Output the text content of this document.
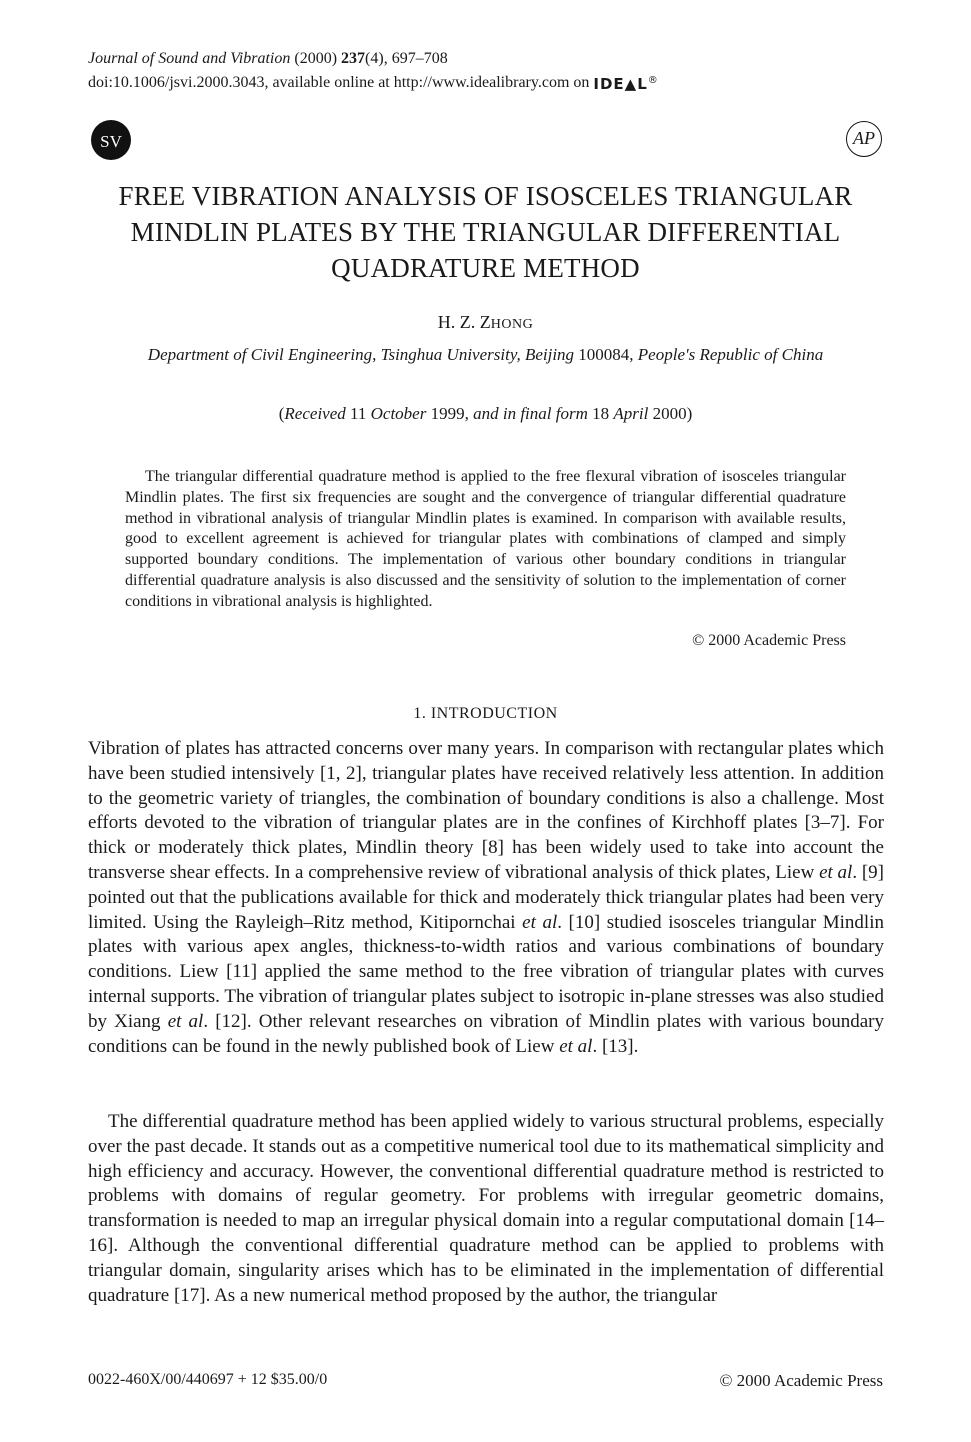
Journal of Sound and Vibration (2000) 237(4), 697–708
doi:10.1006/jsvi.2000.3043, available online at http://www.idealibrary.com on IDE▲L®
SV	AP
FREE VIBRATION ANALYSIS OF ISOSCELES TRIANGULAR
MINDLIN PLATES BY THE TRIANGULAR DIFFERENTIAL
QUADRATURE METHOD
H. Z. ZHONG
Department of Civil Engineering, Tsinghua University, Beijing 100084, People's Republic of China
(Received 11 October 1999, and in final form 18 April 2000)
The triangular differential quadrature method is applied to the free flexural vibration of isosceles triangular Mindlin plates. The first six frequencies are sought and the convergence of triangular differential quadrature method in vibrational analysis of triangular Mindlin plates is examined. In comparison with available results, good to excellent agreement is achieved for triangular plates with combinations of clamped and simply supported boundary conditions. The implementation of various other boundary conditions in triangular differential quadrature analysis is also discussed and the sensitivity of solution to the implementation of corner conditions in vibrational analysis is highlighted.
© 2000 Academic Press
1. INTRODUCTION
Vibration of plates has attracted concerns over many years. In comparison with rectangular plates which have been studied intensively [1, 2], triangular plates have received relatively less attention. In addition to the geometric variety of triangles, the combination of boundary conditions is also a challenge. Most efforts devoted to the vibration of triangular plates are in the confines of Kirchhoff plates [3–7]. For thick or moderately thick plates, Mindlin theory [8] has been widely used to take into account the transverse shear effects. In a comprehensive review of vibrational analysis of thick plates, Liew et al. [9] pointed out that the publications available for thick and moderately thick triangular plates had been very limited. Using the Rayleigh–Ritz method, Kitipornchai et al. [10] studied isosceles triangular Mindlin plates with various apex angles, thickness-to-width ratios and various combinations of boundary conditions. Liew [11] applied the same method to the free vibration of triangular plates with curves internal supports. The vibration of triangular plates subject to isotropic in-plane stresses was also studied by Xiang et al. [12]. Other relevant researches on vibration of Mindlin plates with various boundary conditions can be found in the newly published book of Liew et al. [13].
The differential quadrature method has been applied widely to various structural problems, especially over the past decade. It stands out as a competitive numerical tool due to its mathematical simplicity and high efficiency and accuracy. However, the conventional differential quadrature method is restricted to problems with domains of regular geometry. For problems with irregular geometric domains, transformation is needed to map an irregular physical domain into a regular computational domain [14–16]. Although the conventional differential quadrature method can be applied to problems with triangular domain, singularity arises which has to be eliminated in the implementation of differential quadrature [17]. As a new numerical method proposed by the author, the triangular
0022-460X/00/440697 + 12 $35.00/0	© 2000 Academic Press
